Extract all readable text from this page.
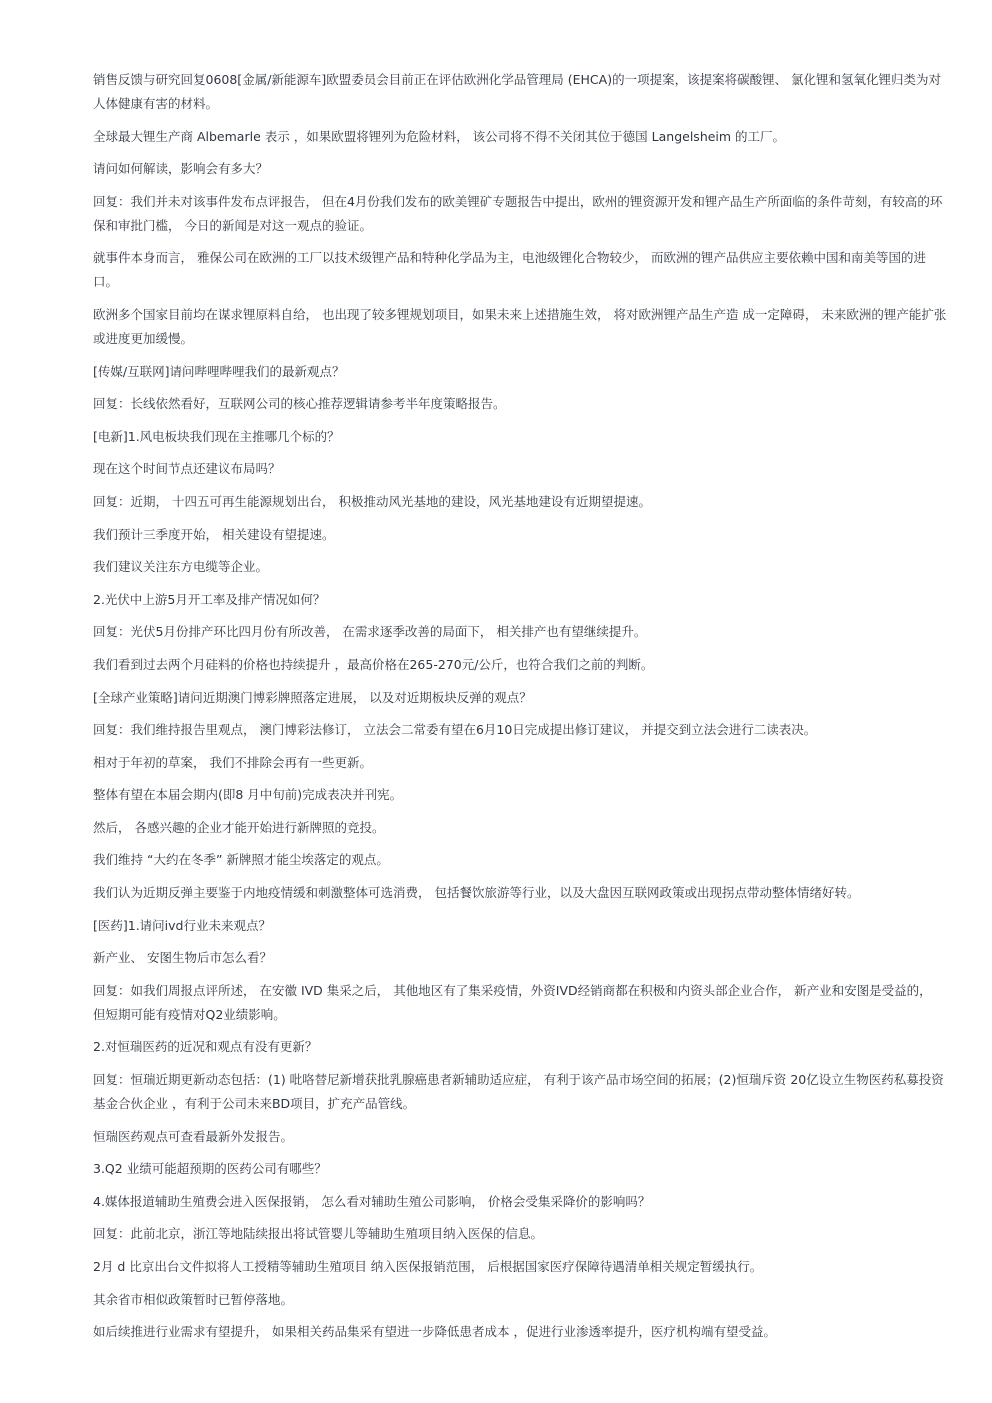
销售反馈与研究回复0608[金属/新能源车]欧盟委员会目前正在评估欧洲化学品管理局 (EHCA)的一项提案，该提案将碳酸锂、 氯化锂和氢氧化锂归类为对人体健康有害的材料。

全球最大锂生产商 Albemarle 表示 ，如果欧盟将锂列为危险材料， 该公司将不得不关闭其位于德国 Langelsheim 的工厂。

请问如何解读，影响会有多大？

回复：我们并未对该事件发布点评报告， 但在4月份我们发布的欧美锂矿专题报告中提出，欧州的锂资源开发和锂产品生产所面临的条件苛刻，有较高的环保和审批门槛， 今日的新闻是对这一观点的验证。

就事件本身而言， 雅保公司在欧洲的工厂以技术级锂产品和特种化学品为主，电池级锂化合物较少， 而欧洲的锂产品供应主要依赖中国和南美等国的进口。

欧洲多个国家目前均在谋求锂原料自给， 也出现了较多锂规划项目，如果未来上述措施生效， 将对欧洲锂产品生产造 成一定障碍， 未来欧洲的锂产能扩张或进度更加缓慢。

[传媒/互联网]请问哔哩哔哩我们的最新观点？

回复：长线依然看好，互联网公司的核心推荐逻辑请参考半年度策略报告。

[电新]1.风电板块我们现在主推哪几个标的？

现在这个时间节点还建议布局吗？

回复：近期， 十四五可再生能源规划出台， 积极推动风光基地的建设，风光基地建设有近期望提速。

我们预计三季度开始， 相关建设有望提速。

我们建议关注东方电缆等企业。

2.光伏中上游5月开工率及排产情况如何？

回复：光伏5月份排产环比四月份有所改善， 在需求逐季改善的局面下， 相关排产也有望继续提升。

我们看到过去两个月硅料的价格也持续提升 ，最高价格在265-270元/公斤，也符合我们之前的判断。

[全球产业策略]请问近期澳门博彩牌照落定进展， 以及对近期板块反弹的观点？

回复：我们维持报告里观点， 澳门博彩法修订， 立法会二常委有望在6月10日完成提出修订建议， 并提交到立法会进行二读表决。

相对于年初的草案， 我们不排除会再有一些更新。

整体有望在本届会期内(即8 月中旬前)完成表决并刊宪。

然后， 各感兴趣的企业才能开始进行新牌照的竞投。

我们维持 “大约在冬季” 新牌照才能尘埃落定的观点。

我们认为近期反弹主要鉴于内地疫情缓和刺激整体可选消费， 包括餐饮旅游等行业，以及大盘因互联网政策或出现拐点带动整体情绪好转。

[医药]1.请问ivd行业未来观点？

新产业、 安图生物后市怎么看？

回复：如我们周报点评所述， 在安徽 IVD 集采之后， 其他地区有了集采疫情，外资IVD经销商都在积极和内资头部企业合作， 新产业和安图是受益的， 但短期可能有疫情对Q2业绩影响。

2.对恒瑞医药的近况和观点有没有更新？

回复：恒瑞近期更新动态包括：(1) 吡咯替尼新增获批乳腺癌患者新辅助适应症， 有利于该产品市场空间的拓展；(2)恒瑞斥资 20亿设立生物医药私募投资基金合伙企业 ，有利于公司未来BD项目，扩充产品管线。

恒瑞医药观点可查看最新外发报告。

3.Q2 业绩可能超预期的医药公司有哪些？

4.媒体报道辅助生殖费会进入医保报销， 怎么看对辅助生殖公司影响， 价格会受集采降价的影响吗？

回复：此前北京，浙江等地陆续报出将试管婴儿等辅助生殖项目纳入医保的信息。

2月 d 比京出台文件拟将人工授精等辅助生殖项目 纳入医保报销范围， 后根据国家医疗保障待遇清单相关规定暂缓执行。

其余省市相似政策暂时已暂停落地。

如后续推进行业需求有望提升， 如果相关药品集采有望进一步降低患者成本 ，促进行业渗透率提升，医疗机构端有望受益。
